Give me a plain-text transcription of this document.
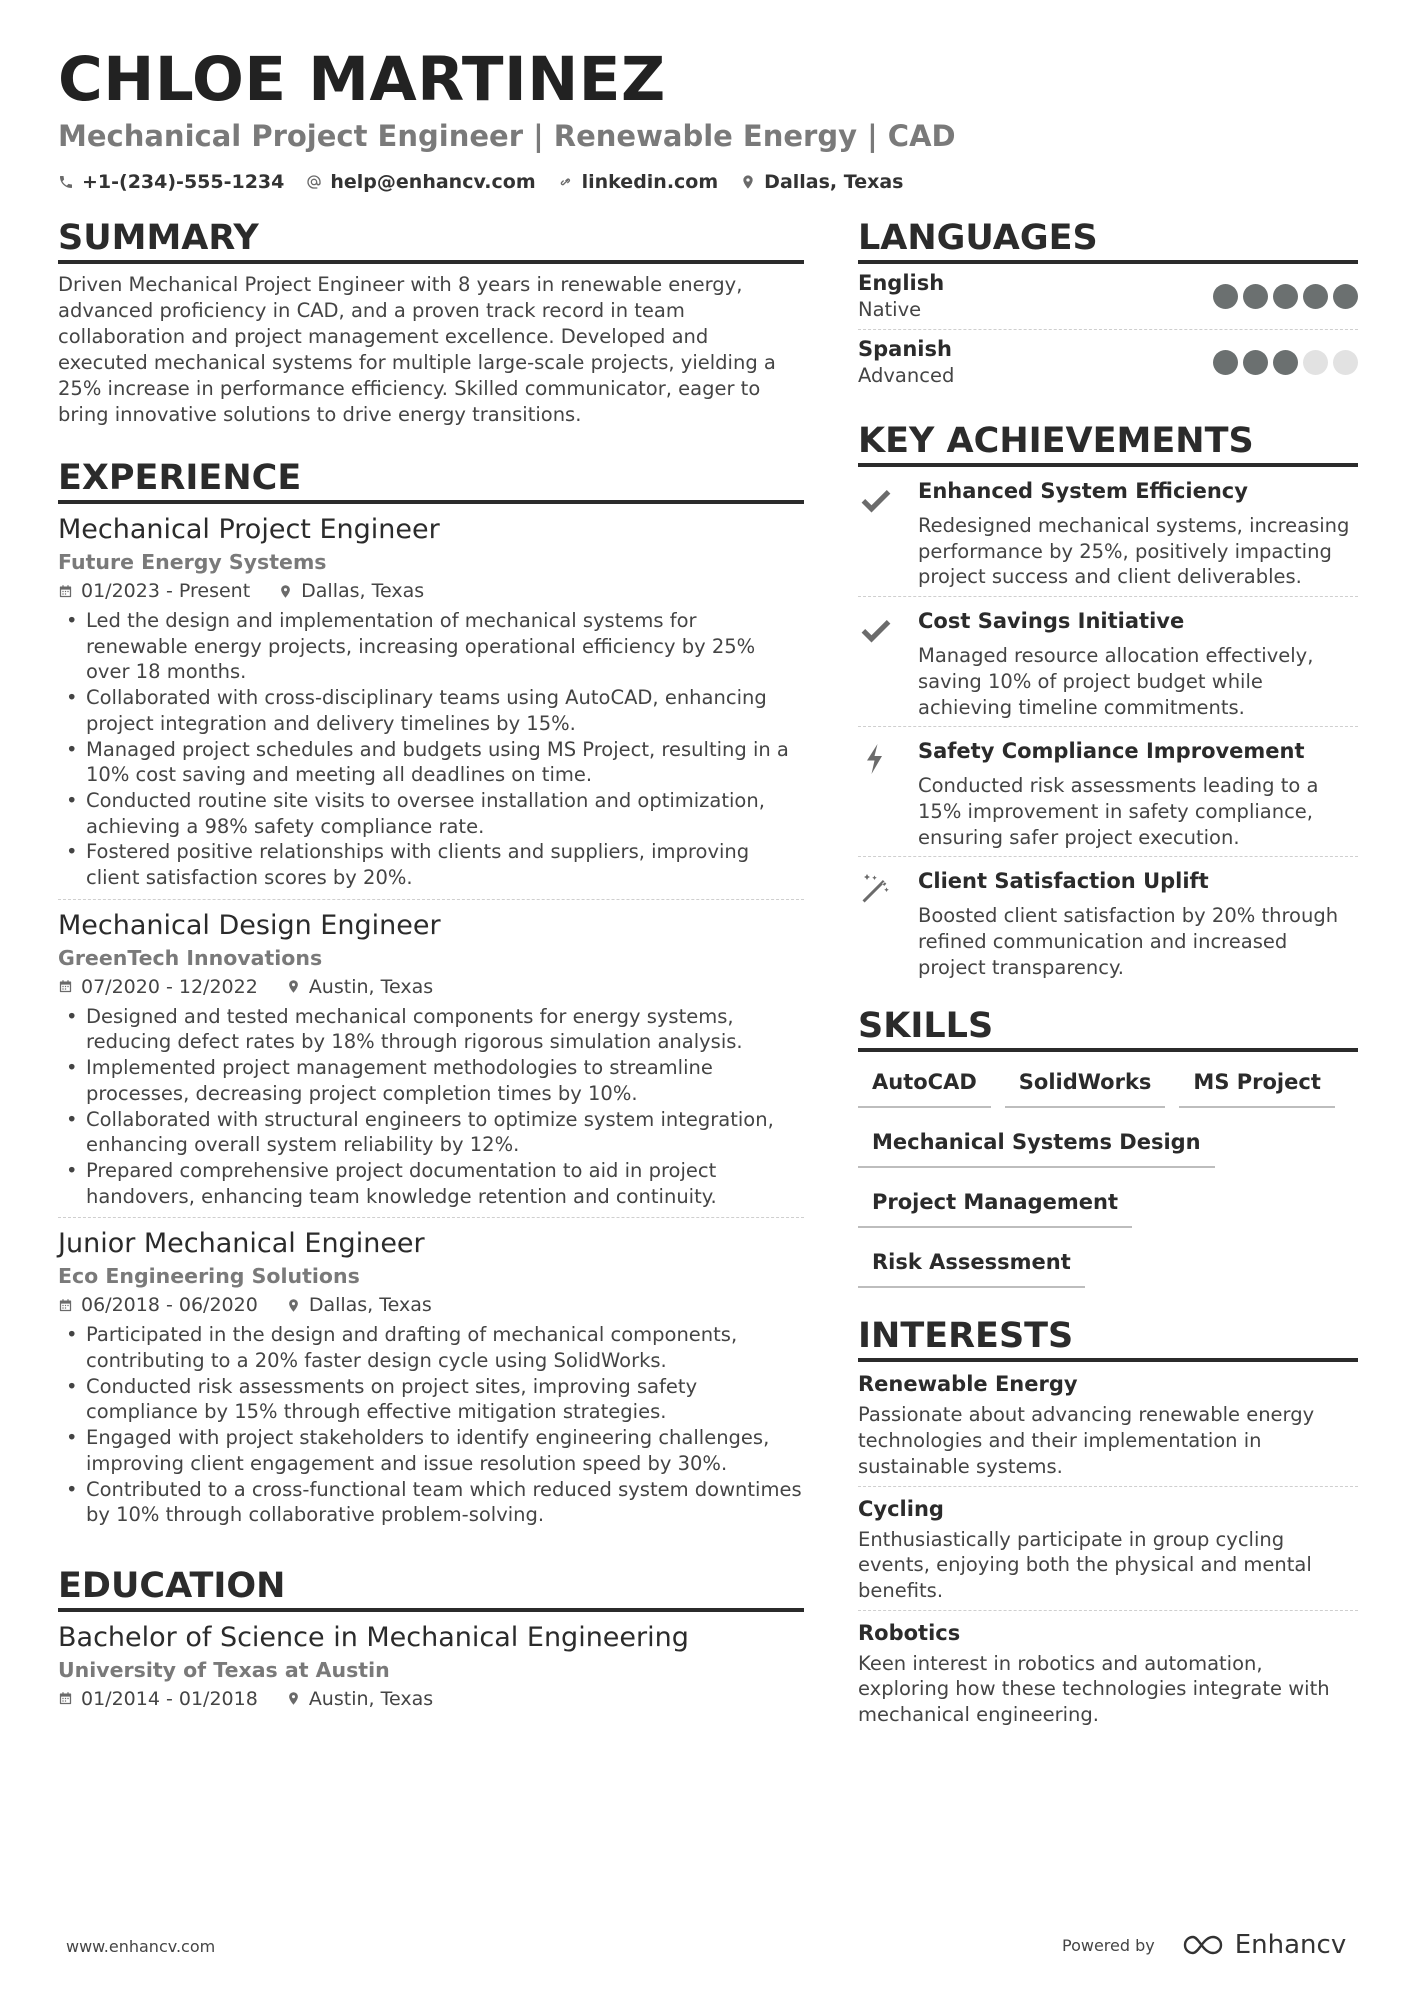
CHLOE MARTINEZ
Mechanical Project Engineer | Renewable Energy | CAD
+1-(234)-555-1234 help@enhancv.com linkedin.com Dallas, Texas
SUMMARY

Driven Mechanical Project Engineer with 8 years in renewable energy, advanced proficiency in CAD, and a proven track record in team collaboration and project management excellence. Developed and executed mechanical systems for multiple large-scale projects, yielding a 25% increase in performance efficiency. Skilled communicator, eager to bring innovative solutions to drive energy transitions.

EXPERIENCE
Mechanical Project Engineer
Future Energy Systems
01/2023 - Present	Dallas, Texas
• Led the design and implementation of mechanical systems for renewable energy projects, increasing operational efficiency by 25% over 18 months.
• Collaborated with cross-disciplinary teams using AutoCAD, enhancing project integration and delivery timelines by 15%.
• Managed project schedules and budgets using MS Project, resulting in a 10% cost saving and meeting all deadlines on time.
• Conducted routine site visits to oversee installation and optimization, achieving a 98% safety compliance rate.
• Fostered positive relationships with clients and suppliers, improving client satisfaction scores by 20%.
Mechanical Design Engineer
GreenTech Innovations
07/2020 - 12/2022	Austin, Texas
• Designed and tested mechanical components for energy systems, reducing defect rates by 18% through rigorous simulation analysis.
• Implemented project management methodologies to streamline processes, decreasing project completion times by 10%.
• Collaborated with structural engineers to optimize system integration, enhancing overall system reliability by 12%.
• Prepared comprehensive project documentation to aid in project handovers, enhancing team knowledge retention and continuity.
Junior Mechanical Engineer
Eco Engineering Solutions
06/2018 - 06/2020	Dallas, Texas
• Participated in the design and drafting of mechanical components, contributing to a 20% faster design cycle using SolidWorks.
• Conducted risk assessments on project sites, improving safety compliance by 15% through effective mitigation strategies.
• Engaged with project stakeholders to identify engineering challenges, improving client engagement and issue resolution speed by 30%.
• Contributed to a cross-functional team which reduced system downtimes by 10% through collaborative problem-solving.
EDUCATION
Bachelor of Science in Mechanical Engineering
University of Texas at Austin
01/2014 - 01/2018	Austin, Texas
LANGUAGES
English
Native
Spanish
Advanced
KEY ACHIEVEMENTS
Enhanced System Efficiency
Redesigned mechanical systems, increasing performance by 25%, positively impacting project success and client deliverables.
Cost Savings Initiative
Managed resource allocation effectively, saving 10% of project budget while achieving timeline commitments.
Safety Compliance Improvement
Conducted risk assessments leading to a 15% improvement in safety compliance, ensuring safer project execution.
Client Satisfaction Uplift
Boosted client satisfaction by 20% through refined communication and increased project transparency.
SKILLS
AutoCAD	SolidWorks	MS Project
Mechanical Systems Design
Project Management
Risk Assessment
INTERESTS
Renewable Energy
Passionate about advancing renewable energy technologies and their implementation in sustainable systems.
Cycling
Enthusiastically participate in group cycling events, enjoying both the physical and mental benefits.
Robotics
Keen interest in robotics and automation, exploring how these technologies integrate with mechanical engineering.
www.enhancv.com	Powered by	Enhancv
